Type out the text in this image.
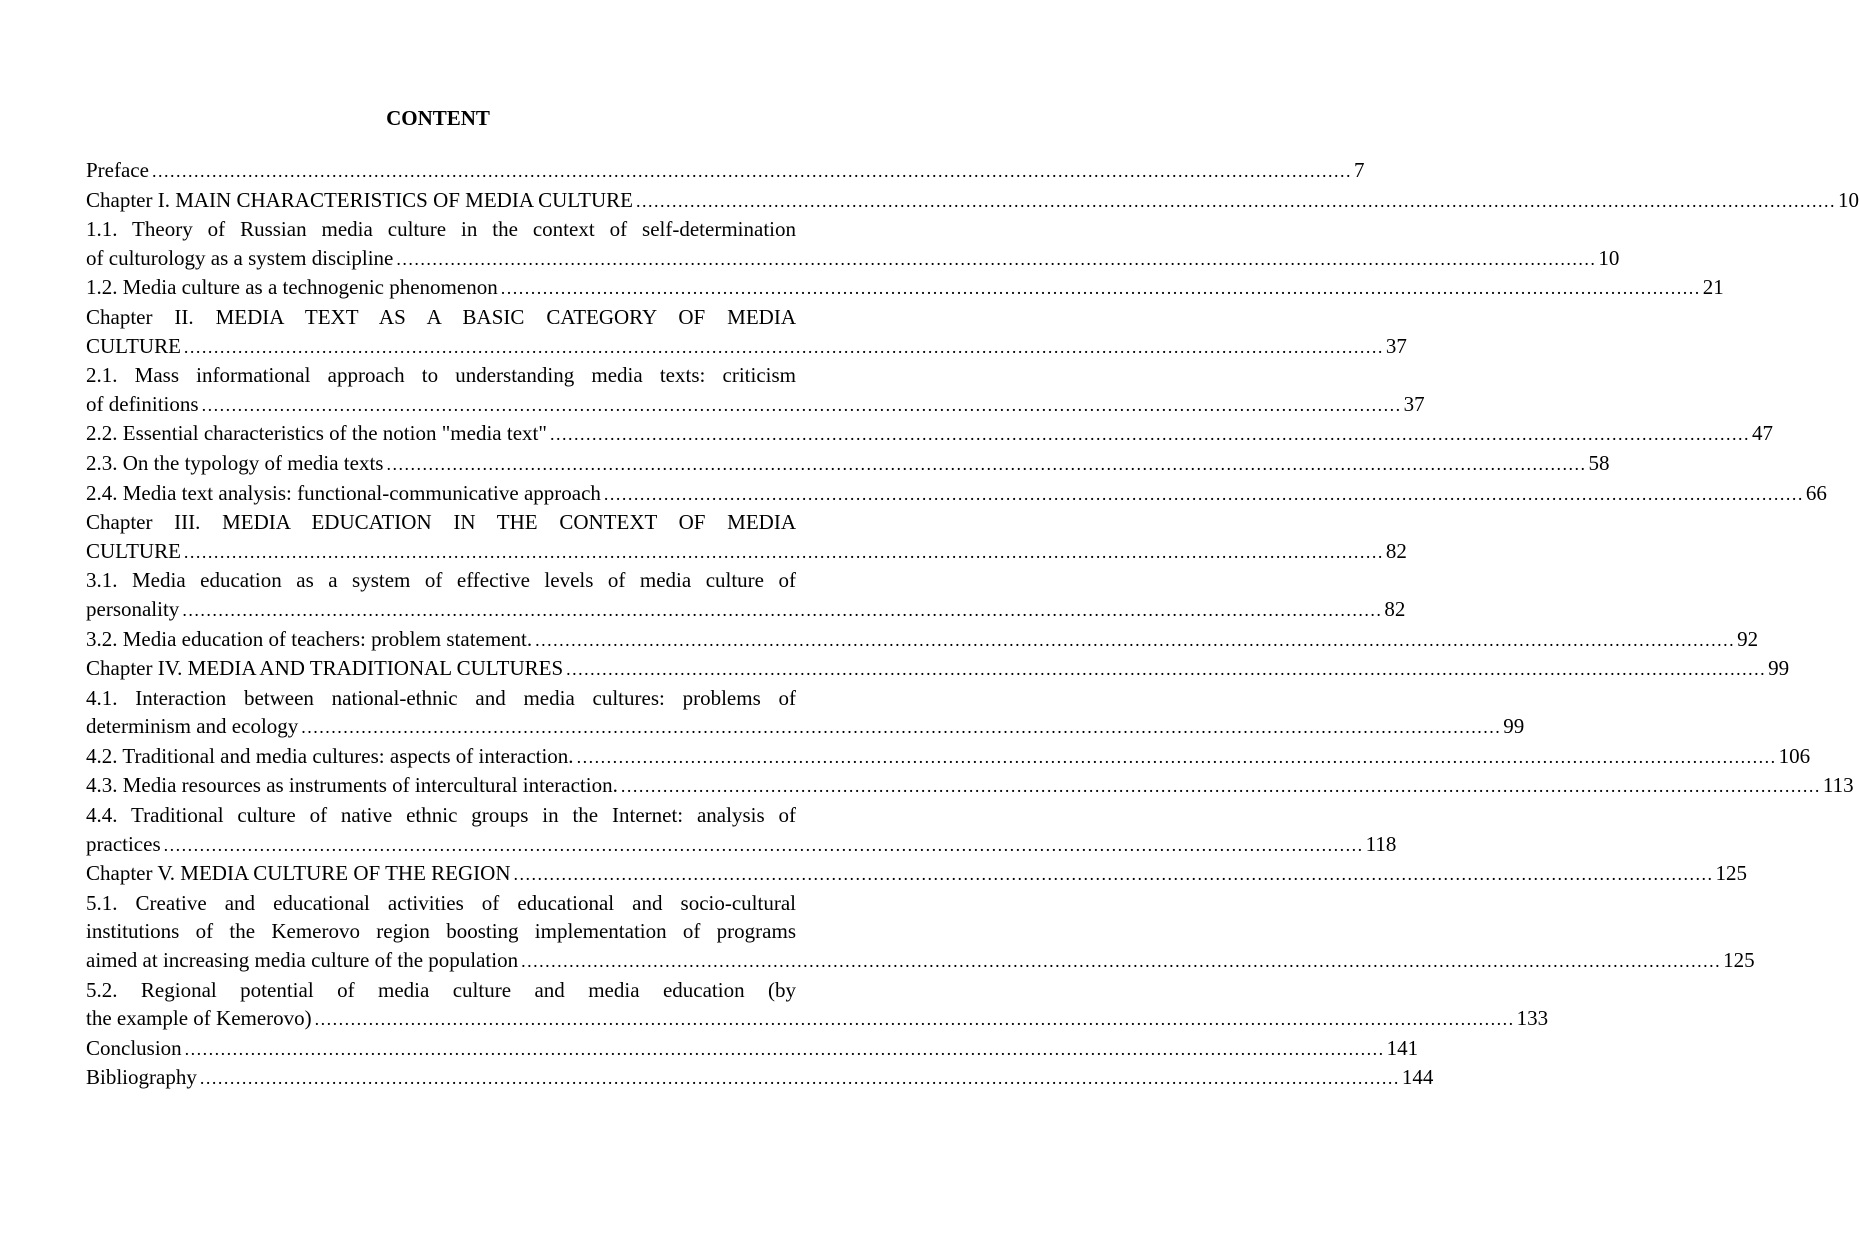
CONTENT
Preface ........................................................................................................................................................................................................ 7
Chapter I. MAIN CHARACTERISTICS OF MEDIA CULTURE ........................................................................................................................................................................................................ 10
1.1. Theory of Russian media culture in the context of self-determination
of culturology as a system discipline ........................................................................................................................................................................................................ 10
1.2. Media culture as a technogenic phenomenon ........................................................................................................................................................................................................ 21
Chapter II. MEDIA TEXT AS A BASIC CATEGORY OF MEDIA
CULTURE ........................................................................................................................................................................................................ 37
2.1. Mass informational approach to understanding media texts: criticism
of definitions ........................................................................................................................................................................................................ 37
2.2. Essential characteristics of the notion "media text" ........................................................................................................................................................................................................ 47
2.3. On the typology of media texts ........................................................................................................................................................................................................ 58
2.4. Media text analysis: functional-communicative approach ........................................................................................................................................................................................................ 66
Chapter III. MEDIA EDUCATION IN THE CONTEXT OF MEDIA
CULTURE ........................................................................................................................................................................................................ 82
3.1. Media education as a system of effective levels of media culture of
personality ........................................................................................................................................................................................................ 82
3.2. Media education of teachers: problem statement. ........................................................................................................................................................................................................ 92
Chapter IV. MEDIA AND TRADITIONAL CULTURES ........................................................................................................................................................................................................ 99
4.1. Interaction between national-ethnic and media cultures: problems of
determinism and ecology ........................................................................................................................................................................................................ 99
4.2. Traditional and media cultures: aspects of interaction. ........................................................................................................................................................................................................ 106
4.3. Media resources as instruments of intercultural interaction. ........................................................................................................................................................................................................ 113
4.4. Traditional culture of native ethnic groups in the Internet: analysis of
practices ........................................................................................................................................................................................................ 118
Chapter V. MEDIA CULTURE OF THE REGION ........................................................................................................................................................................................................ 125
5.1. Creative and educational activities of educational and socio-cultural
institutions of the Kemerovo region boosting implementation of programs
aimed at increasing media culture of the population ........................................................................................................................................................................................................ 125
5.2. Regional potential of media culture and media education (by
the example of Kemerovo) ........................................................................................................................................................................................................ 133
Conclusion ........................................................................................................................................................................................................ 141
Bibliography ........................................................................................................................................................................................................ 144
